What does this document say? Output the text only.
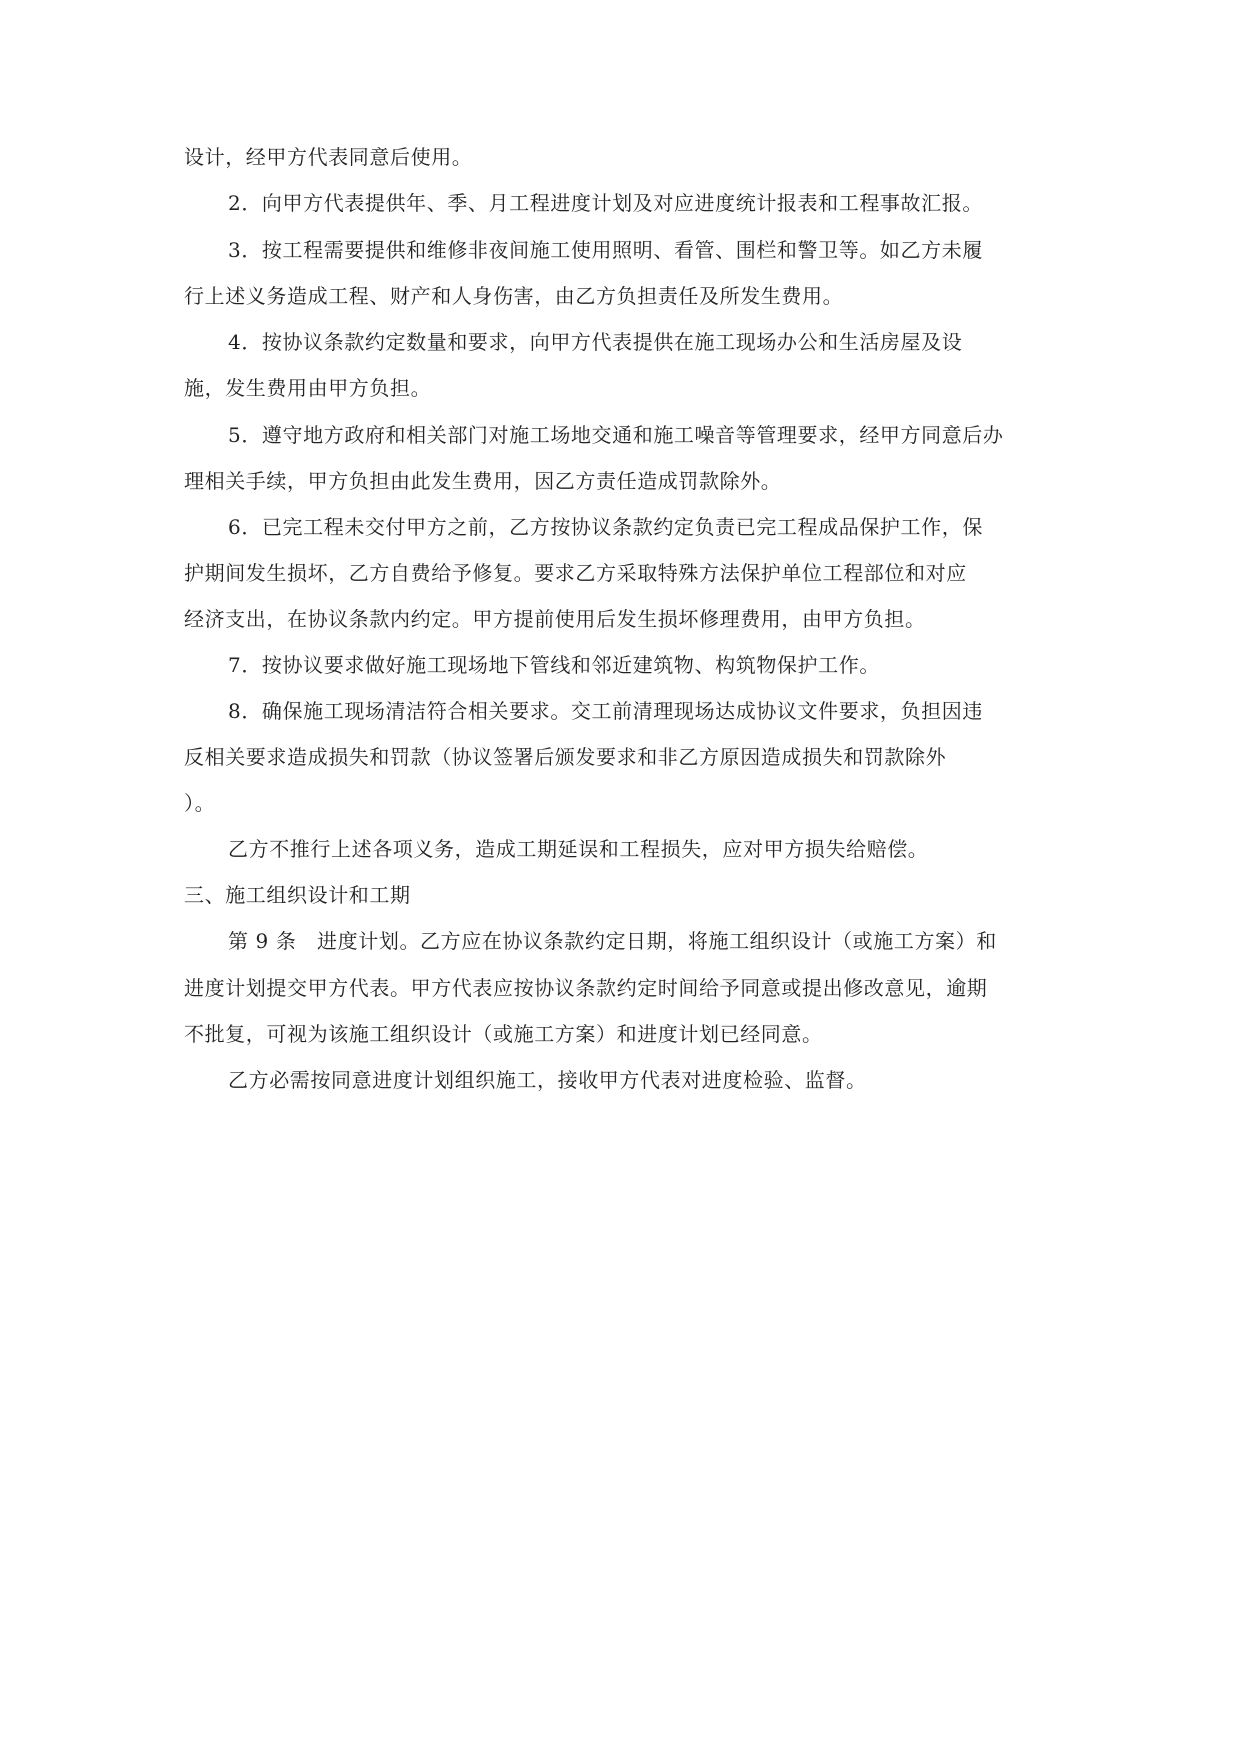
设计，经甲方代表同意后使用。
2．向甲方代表提供年、季、月工程进度计划及对应进度统计报表和工程事故汇报。
3．按工程需要提供和维修非夜间施工使用照明、看管、围栏和警卫等。如乙方未履
行上述义务造成工程、财产和人身伤害，由乙方负担责任及所发生费用。
4．按协议条款约定数量和要求，向甲方代表提供在施工现场办公和生活房屋及设
施，发生费用由甲方负担。
5．遵守地方政府和相关部门对施工场地交通和施工噪音等管理要求，经甲方同意后办
理相关手续，甲方负担由此发生费用，因乙方责任造成罚款除外。
6．已完工程未交付甲方之前，乙方按协议条款约定负责已完工程成品保护工作，保
护期间发生损坏，乙方自费给予修复。要求乙方采取特殊方法保护单位工程部位和对应
经济支出，在协议条款内约定。甲方提前使用后发生损坏修理费用，由甲方负担。
7．按协议要求做好施工现场地下管线和邻近建筑物、构筑物保护工作。
8．确保施工现场清洁符合相关要求。交工前清理现场达成协议文件要求，负担因违
反相关要求造成损失和罚款（协议签署后颁发要求和非乙方原因造成损失和罚款除外
）。
乙方不推行上述各项义务，造成工期延误和工程损失，应对甲方损失给赔偿。
三、施工组织设计和工期
第 9 条　进度计划。乙方应在协议条款约定日期，将施工组织设计（或施工方案）和
进度计划提交甲方代表。甲方代表应按协议条款约定时间给予同意或提出修改意见，逾期
不批复，可视为该施工组织设计（或施工方案）和进度计划已经同意。
乙方必需按同意进度计划组织施工，接收甲方代表对进度检验、监督。
